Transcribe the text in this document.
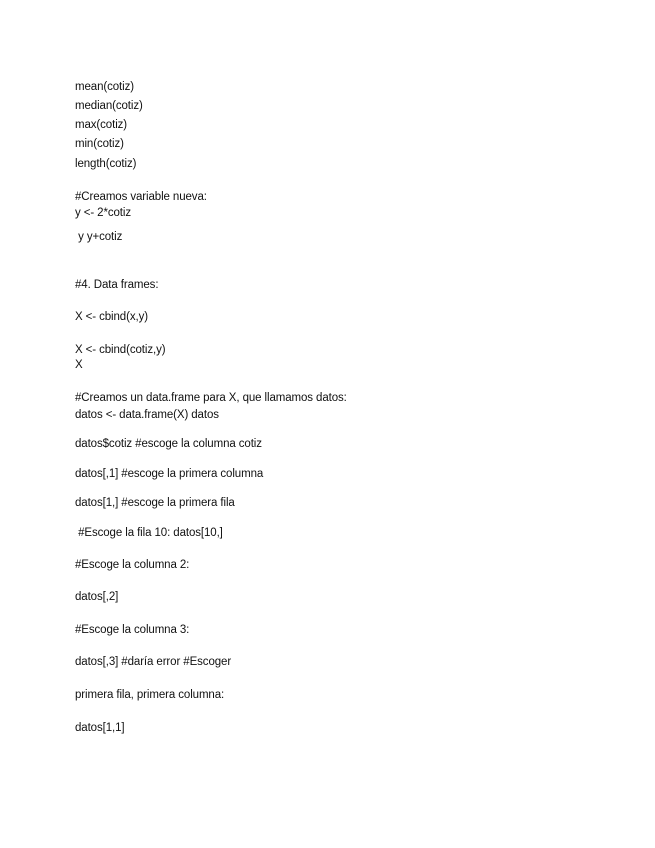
mean(cotiz)
median(cotiz)
max(cotiz)
min(cotiz)
length(cotiz)
#Creamos variable nueva:
y <- 2*cotiz
y y+cotiz
#4. Data frames:
X <- cbind(x,y)
X <- cbind(cotiz,y)
X
#Creamos un data.frame para X, que llamamos datos:
datos <- data.frame(X) datos
datos$cotiz #escoge la columna cotiz
datos[,1] #escoge la primera columna
datos[1,] #escoge la primera fila
#Escoge la fila 10: datos[10,]
#Escoge la columna 2:
datos[,2]
#Escoge la columna 3:
datos[,3] #daría error #Escoger
primera fila, primera columna:
datos[1,1]
